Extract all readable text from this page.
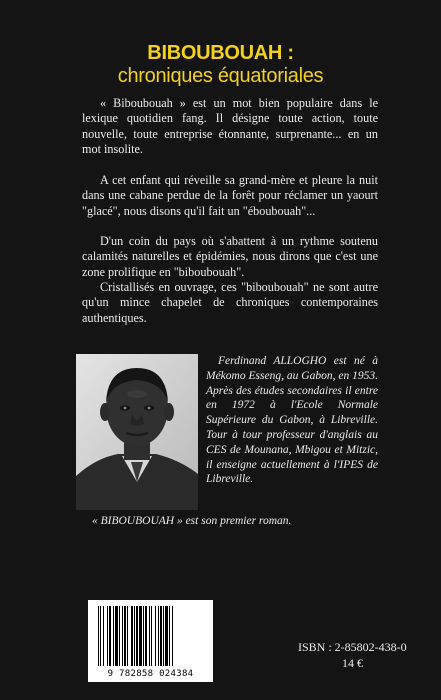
BIBOUBOUAH :
chroniques équatoriales

« Biboubouah » est un mot bien populaire dans le lexique quotidien fang. Il désigne toute action, toute nouvelle, toute entreprise étonnante, surprenante... en un mot insolite.

A cet enfant qui réveille sa grand-mère et pleure la nuit dans une cabane perdue de la forêt pour réclamer un yaourt "glacé", nous disons qu'il fait un "éboubouah"...

D'un coin du pays où s'abattent à un rythme soutenu calamités naturelles et épidémies, nous dirons que c'est une zone prolifique en "biboubouah".

Cristallisés en ouvrage, ces "biboubouah" ne sont autre qu'un mince chapelet de chroniques contemporaines authentiques.

Ferdinand ALLOGHO est né à Mékomo Esseng, au Gabon, en 1953. Après des études secondaires il entre en 1972 à l'Ecole Normale Supérieure du Gabon, à Libreville. Tour à tour professeur d'anglais au CES de Mounana, Mbigou et Mitzic, il enseigne actuellement à l'IPES de Libreville.

« BIBOUBOUAH » est son premier roman.

9 782858 024384
ISBN : 2-85802-438-0
14 €
